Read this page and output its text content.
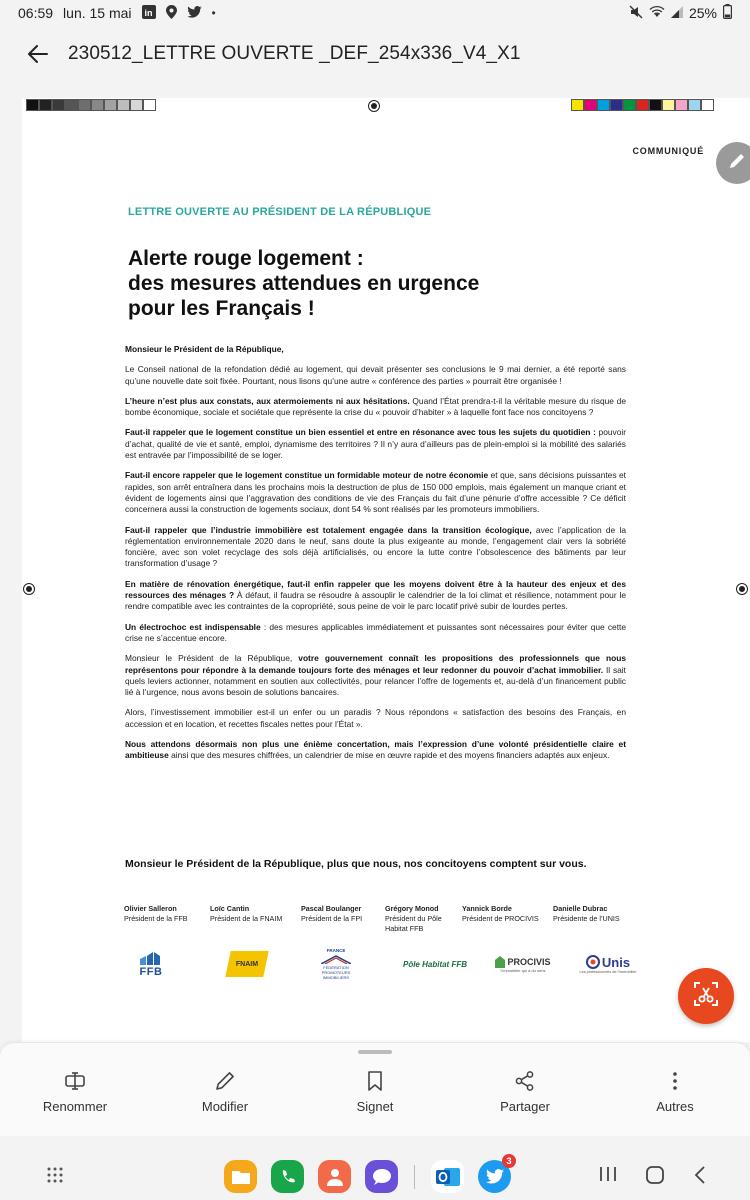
06:59 lun. 15 mai in	•	25%
230512_LETTRE OUVERTE _DEF_254x336_V4_X1
COMMUNIQUÉ
LETTRE OUVERTE AU PRÉSIDENT DE LA RÉPUBLIQUE
Alerte rouge logement :
des mesures attendues en urgence
pour les Français !

Monsieur le Président de la République,

Le Conseil national de la refondation dédié au logement, qui devait présenter ses conclusions le 9 mai dernier, a été reporté sans qu’une nouvelle date soit fixée. Pourtant, nous lisons qu’une autre « conférence des parties » pourrait être organisée !

L’heure n’est plus aux constats, aux atermoiements ni aux hésitations. Quand l’État prendra-t-il la véritable mesure du risque de bombe économique, sociale et sociétale que représente la crise du « pouvoir d’habiter » à laquelle font face nos concitoyens ?

Faut-il rappeler que le logement constitue un bien essentiel et entre en résonance avec tous les sujets du quotidien : pouvoir d’achat, qualité de vie et santé, emploi, dynamisme des territoires ? Il n’y aura d’ailleurs pas de plein-emploi si la mobilité des salariés est entravée par l’impossibilité de se loger.

Faut-il encore rappeler que le logement constitue un formidable moteur de notre économie et que, sans décisions puissantes et rapides, son arrêt entraînera dans les prochains mois la destruction de plus de 150 000 emplois, mais également un manque criant et évident de logements ainsi que l’aggravation des conditions de vie des Français du fait d’une pénurie d’offre accessible ? Ce déficit concernera aussi la construction de logements sociaux, dont 54 % sont réalisés par les promoteurs immobiliers.

Faut-il rappeler que l’industrie immobilière est totalement engagée dans la transition écologique, avec l’application de la réglementation environnementale 2020 dans le neuf, sans doute la plus exigeante au monde, l’engagement clair vers la sobriété foncière, avec son volet recyclage des sols déjà artificialisés, ou encore la lutte contre l’obsolescence des bâtiments par leur transformation d’usage ?

En matière de rénovation énergétique, faut-il enfin rappeler que les moyens doivent être à la hauteur des enjeux et des ressources des ménages ? À défaut, il faudra se résoudre à assouplir le calendrier de la loi climat et résilience, notamment pour le rendre compatible avec les contraintes de la copropriété, sous peine de voir le parc locatif privé subir de lourdes pertes.

Un électrochoc est indispensable : des mesures applicables immédiatement et puissantes sont nécessaires pour éviter que cette crise ne s’accentue encore.

Monsieur le Président de la République, votre gouvernement connaît les propositions des professionnels que nous représentons pour répondre à la demande toujours forte des ménages et leur redonner du pouvoir d’achat immobilier. Il sait quels leviers actionner, notamment en soutien aux collectivités, pour relancer l’offre de logements et, au-delà d’un financement public lié à l’urgence, nous avons besoin de solutions bancaires.

Alors, l’investissement immobilier est-il un enfer ou un paradis ? Nous répondons « satisfaction des besoins des Français, en accession et en location, et recettes fiscales nettes pour l’État ».

Nous attendons désormais non plus une énième concertation, mais l’expression d’une volonté présidentielle claire et ambitieuse ainsi que des mesures chiffrées, un calendrier de mise en œuvre rapide et des moyens financiers adaptés aux enjeux.

Monsieur le Président de la République, plus que nous, nos concitoyens comptent sur vous.
Olivier Salleron
Président de la FFB
Loïc Cantin
Président de la FNAIM
Pascal Boulanger
Président de la FPI
Grégory Monod
Président du Pôle Habitat FFB
Yannick Borde
Président de PROCIVIS
Danielle Dubrac
Présidente de l’UNIS
FFB
FNAIM
FRANCE
FÉDÉRATION PROMOTEURS IMMOBILIERS
Pôle Habitat FFB	PROCIVIS
l’immobilier qui a du sens
Unis
Les professionnels de l’immobilier
Renommer	Modifier	Signet	Partager	Autres
3
